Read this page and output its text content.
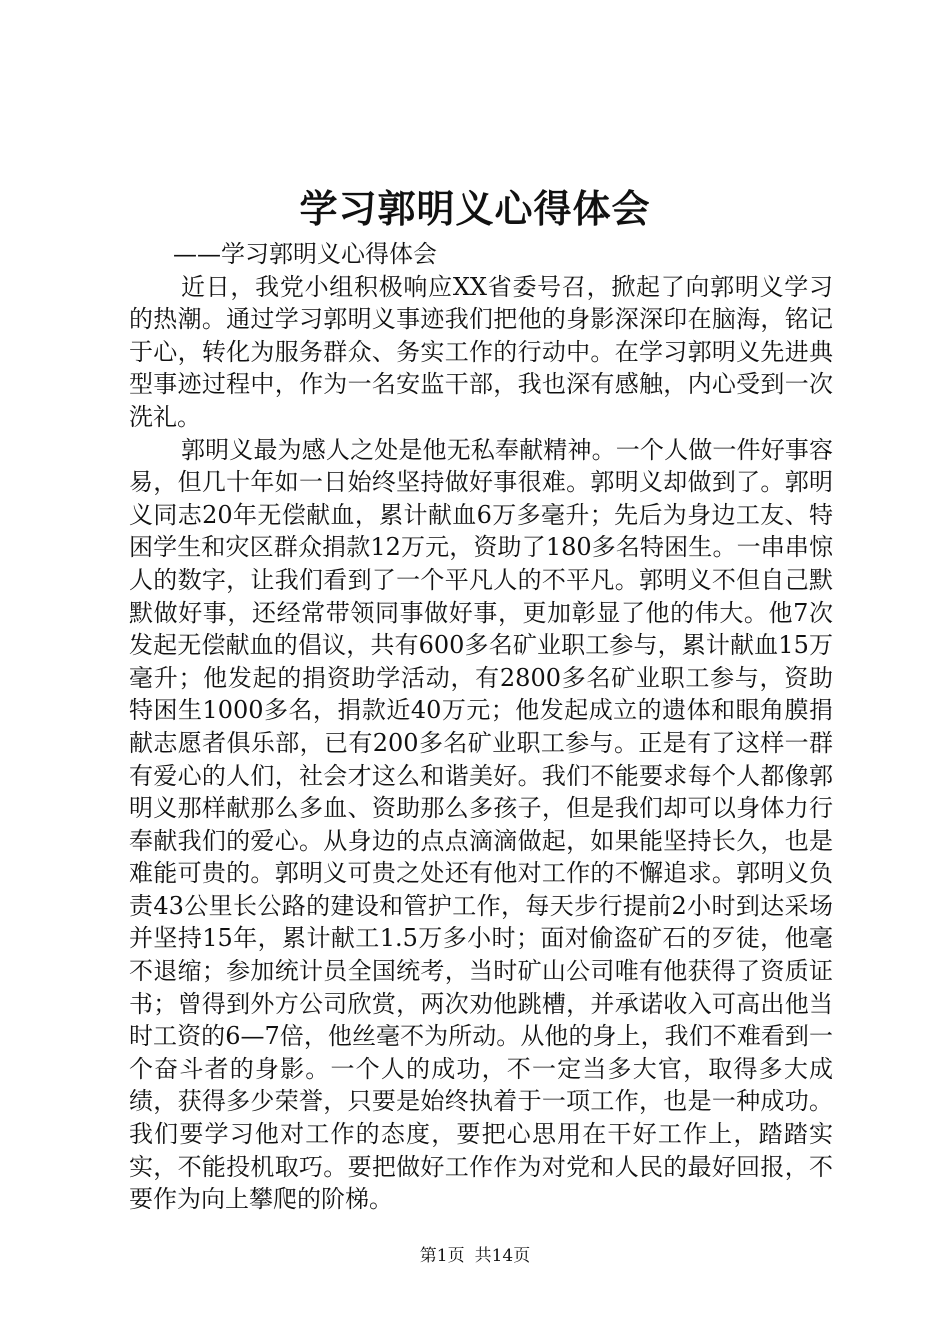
学习郭明义心得体会

——学习郭明义心得体会

近日，我党小组积极响应XX省委号召，掀起了向郭明义学习的热潮。通过学习郭明义事迹我们把他的身影深深印在脑海，铭记于心，转化为服务群众、务实工作的行动中。在学习郭明义先进典型事迹过程中，作为一名安监干部，我也深有感触，内心受到一次洗礼。

郭明义最为感人之处是他无私奉献精神。一个人做一件好事容易，但几十年如一日始终坚持做好事很难。郭明义却做到了。郭明义同志20年无偿献血，累计献血6万多毫升；先后为身边工友、特困学生和灾区群众捐款12万元，资助了180多名特困生。一串串惊人的数字，让我们看到了一个平凡人的不平凡。郭明义不但自己默默做好事，还经常带领同事做好事，更加彰显了他的伟大。他7次发起无偿献血的倡议，共有600多名矿业职工参与，累计献血15万毫升；他发起的捐资助学活动，有2800多名矿业职工参与，资助特困生1000多名，捐款近40万元；他发起成立的遗体和眼角膜捐献志愿者俱乐部，已有200多名矿业职工参与。正是有了这样一群有爱心的人们，社会才这么和谐美好。我们不能要求每个人都像郭明义那样献那么多血、资助那么多孩子，但是我们却可以身体力行奉献我们的爱心。从身边的点点滴滴做起，如果能坚持长久，也是难能可贵的。郭明义可贵之处还有他对工作的不懈追求。郭明义负责43公里长公路的建设和管护工作，每天步行提前2小时到达采场并坚持15年，累计献工1.5万多小时；面对偷盗矿石的歹徒，他毫不退缩；参加统计员全国统考，当时矿山公司唯有他获得了资质证书；曾得到外方公司欣赏，两次劝他跳槽，并承诺收入可高出他当时工资的6—7倍，他丝毫不为所动。从他的身上，我们不难看到一个奋斗者的身影。一个人的成功，不一定当多大官，取得多大成绩，获得多少荣誉，只要是始终执着于一项工作，也是一种成功。我们要学习他对工作的态度，要把心思用在干好工作上，踏踏实实，不能投机取巧。要把做好工作作为对党和人民的最好回报，不要作为向上攀爬的阶梯。

第1页 共14页
